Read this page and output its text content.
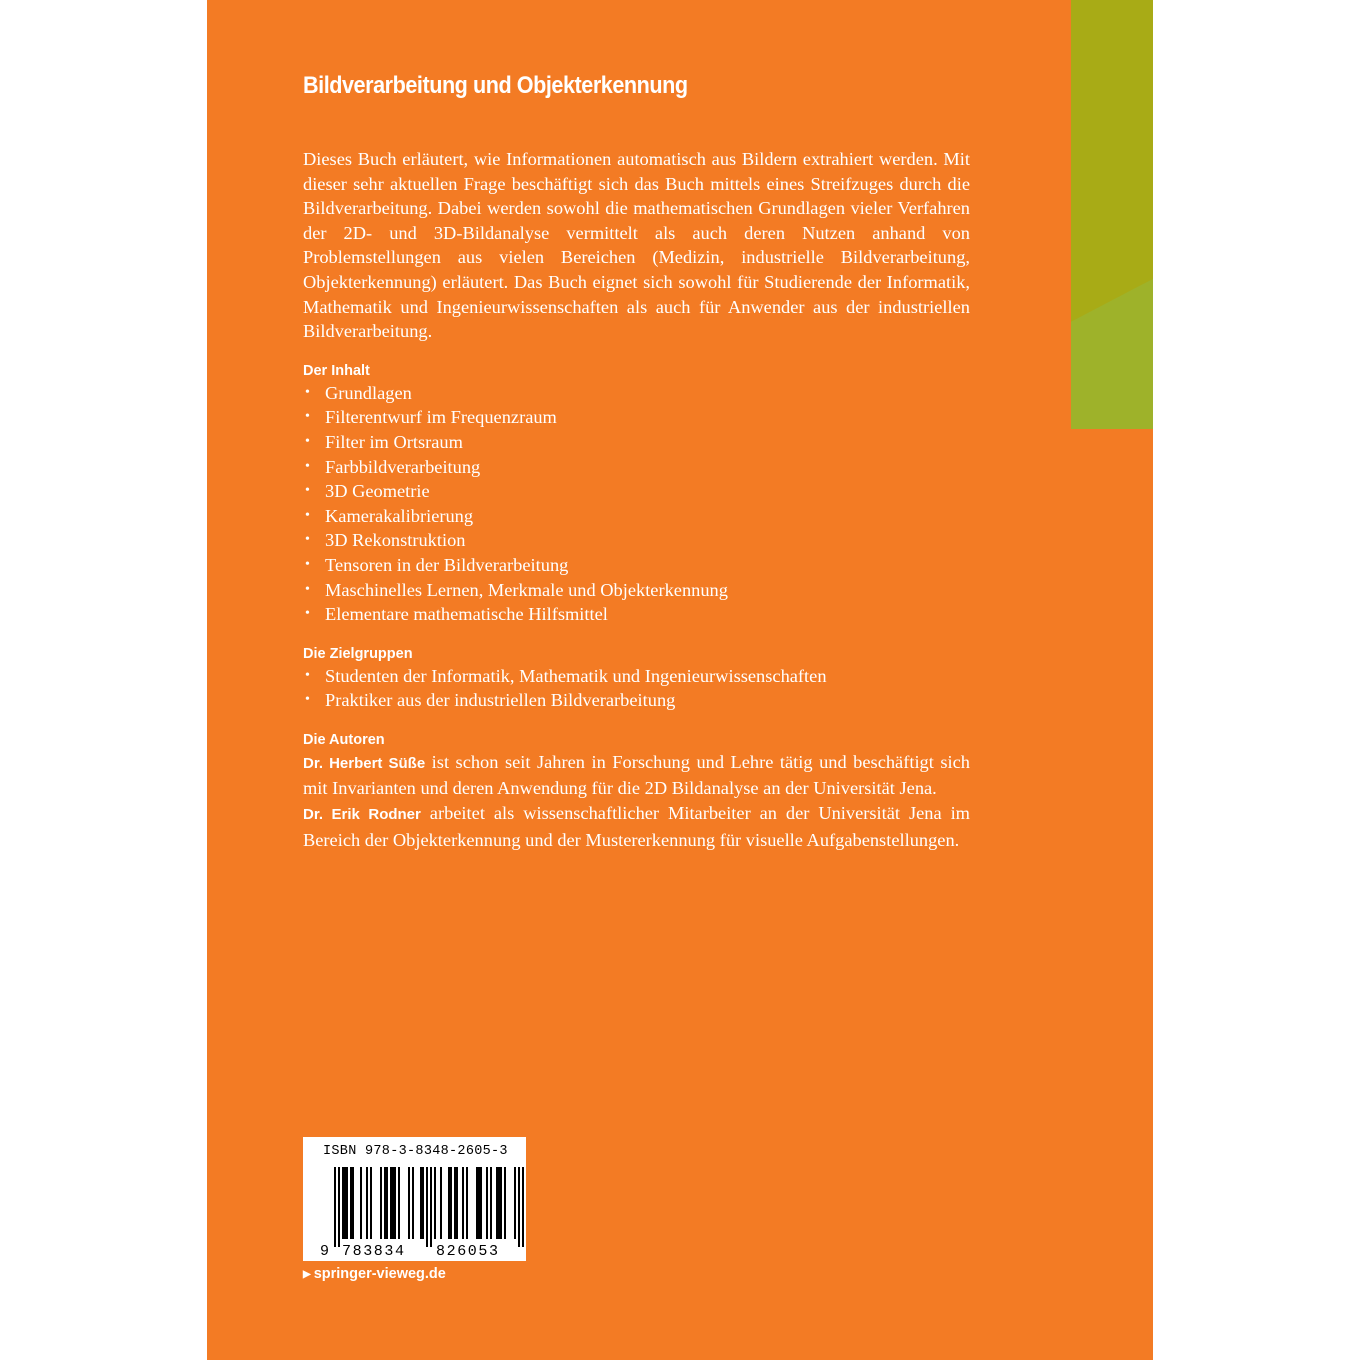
Bildverarbeitung und Objekterkennung

Dieses Buch erläutert, wie Informationen automatisch aus Bildern extrahiert werden. Mit dieser sehr aktuellen Frage beschäftigt sich das Buch mittels eines Streifzuges durch die Bildverarbeitung. Dabei werden sowohl die mathematischen Grundlagen vieler Verfahren der 2D- und 3D-Bildanalyse vermittelt als auch deren Nutzen anhand von Problemstellungen aus vielen Bereichen (Medizin, industrielle Bildverarbeitung, Objekterkennung) erläutert. Das Buch eignet sich sowohl für Studierende der Informatik, Mathematik und Ingenieurwissenschaften als auch für Anwender aus der industriellen Bildverarbeitung.

Der Inhalt
• Grundlagen
• Filterentwurf im Frequenzraum
• Filter im Ortsraum
• Farbbildverarbeitung
• 3D Geometrie
• Kamerakalibrierung
• 3D Rekonstruktion
• Tensoren in der Bildverarbeitung
• Maschinelles Lernen, Merkmale und Objekterkennung
• Elementare mathematische Hilfsmittel
Die Zielgruppen
• Studenten der Informatik, Mathematik und Ingenieurwissenschaften
• Praktiker aus der industriellen Bildverarbeitung
Die Autoren

Dr. Herbert Süße ist schon seit Jahren in Forschung und Lehre tätig und beschäftigt sich mit Invarianten und deren Anwendung für die 2D Bildanalyse an der Universität Jena.

Dr. Erik Rodner arbeitet als wissenschaftlicher Mitarbeiter an der Universität Jena im Bereich der Objekterkennung und der Mustererkennung für visuelle Aufgabenstellungen.

9 783834 826053
ISBN 978-3-8348-2605-3
▶ springer-vieweg.de
